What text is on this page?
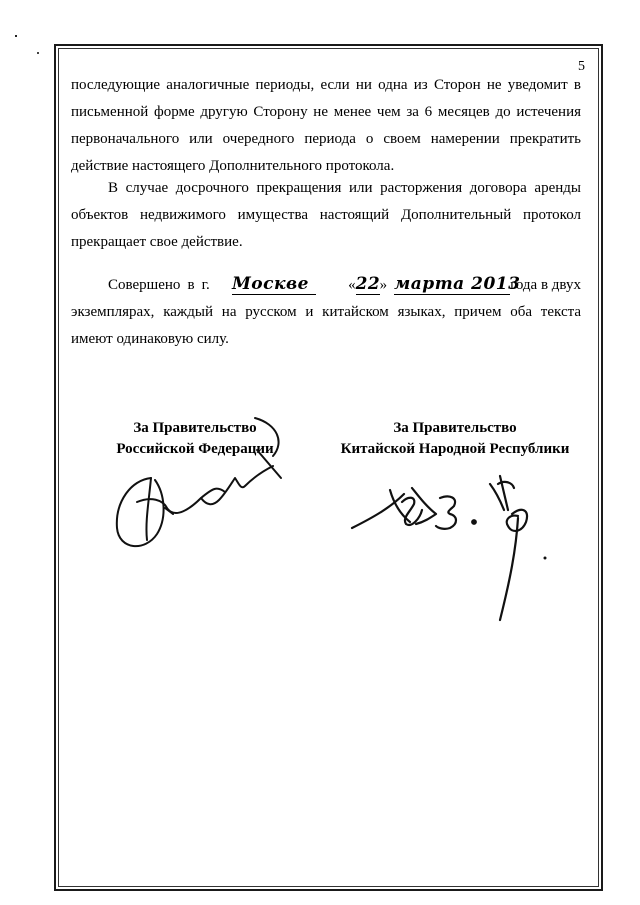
5
последующие аналогичные периоды, если ни одна из Сторон не уведомит в
письменной форме другую Сторону не менее чем за 6 месяцев до истечения
первоначального или очередного периода о своем намерении прекратить
действие настоящего Дополнительного протокола.
В случае досрочного прекращения или расторжения договора аренды
объектов недвижимого имущества настоящий Дополнительный протокол
прекращает свое действие.
Совершено в г. Москве	«22» марта 2013
года в двух
экземплярах, каждый на русском и китайском языках, причем оба текста
имеют одинаковую силу.
За Правительство
Российской Федерации
За Правительство
Китайской Народной Республики
